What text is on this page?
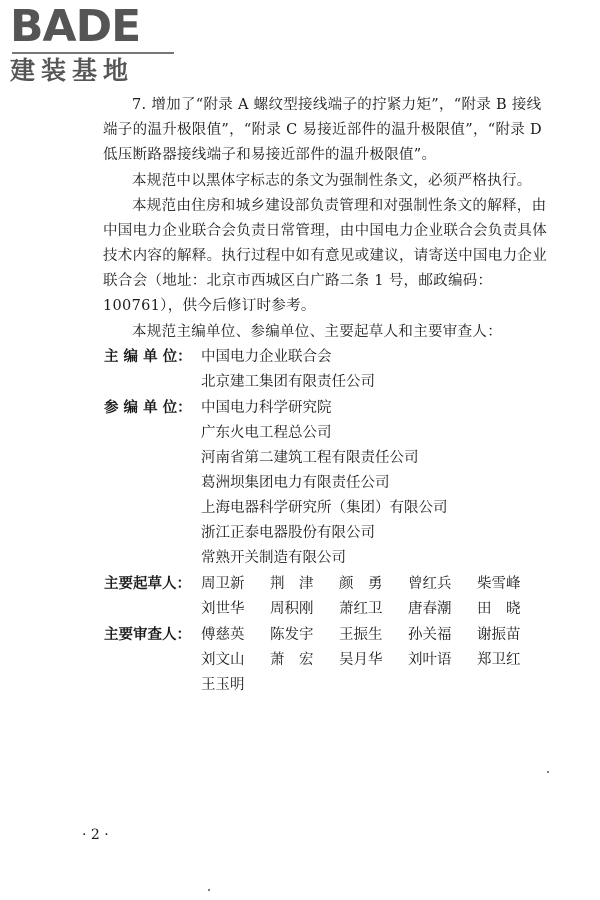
BADE
建装基地

7. 增加了“附录 A 螺纹型接线端子的拧紧力矩”，“附录 B 接线端子的温升极限值”，“附录 C 易接近部件的温升极限值”，“附录 D 低压断路器接线端子和易接近部件的温升极限值”。

本规范中以黑体字标志的条文为强制性条文，必须严格执行。

本规范由住房和城乡建设部负责管理和对强制性条文的解释，由中国电力企业联合会负责日常管理，由中国电力企业联合会负责具体技术内容的解释。执行过程中如有意见或建议，请寄送中国电力企业联合会（地址：北京市西城区白广路二条 1 号，邮政编码：100761），供今后修订时参考。

本规范主编单位、参编单位、主要起草人和主要审查人：

主 编 单 位： 中国电力企业联合会
北京建工集团有限责任公司
参 编 单 位： 中国电力科学研究院
广东火电工程总公司
河南省第二建筑工程有限责任公司
葛洲坝集团电力有限责任公司
上海电器科学研究所（集团）有限公司
浙江正泰电器股份有限公司
常熟开关制造有限公司
主要起草人： 周卫新 荆　津 颜　勇 曾红兵 柴雪峰
刘世华 周积刚 萧红卫 唐春潮 田　晓
主要审查人： 傅慈英 陈发宇 王振生 孙关福 谢振苗
刘文山 萧　宏 吴月华 刘叶语 郑卫红
王玉明
· 2 ·
